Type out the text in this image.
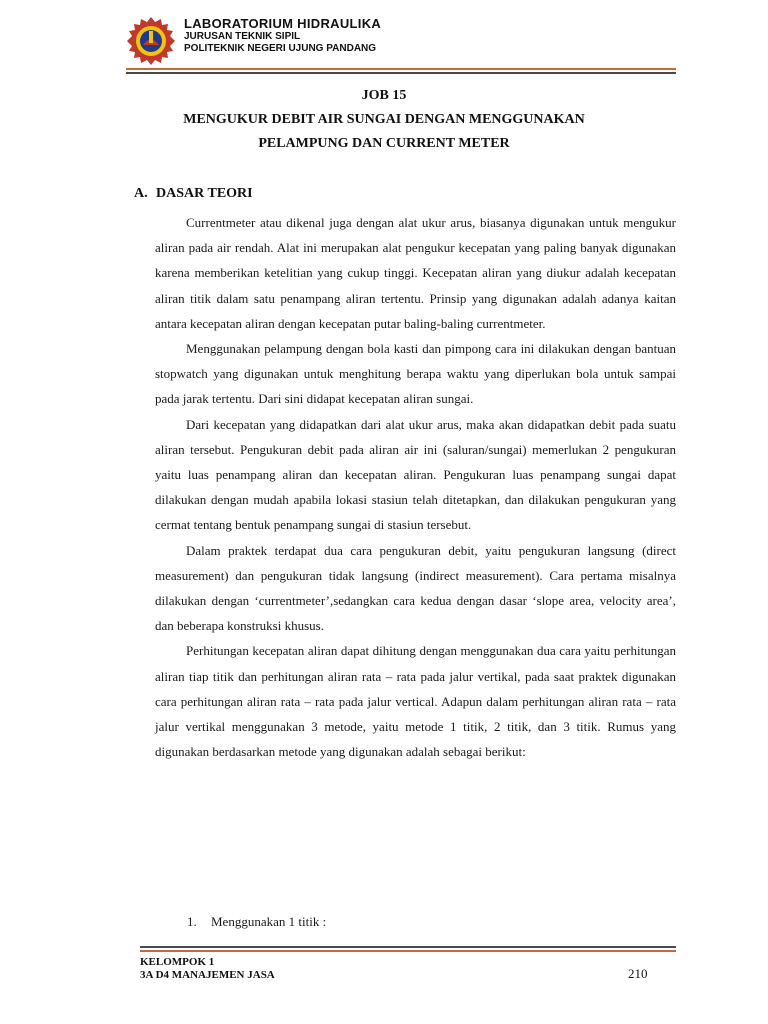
LABORATORIUM HIDRAULIKA
JURUSAN TEKNIK SIPIL
POLITEKNIK NEGERI UJUNG PANDANG
JOB 15
MENGUKUR DEBIT AIR SUNGAI DENGAN MENGGUNAKAN
PELAMPUNG DAN CURRENT METER
A. DASAR TEORI

Currentmeter atau dikenal juga dengan alat ukur arus, biasanya digunakan untuk mengukur aliran pada air rendah. Alat ini merupakan alat pengukur kecepatan yang paling banyak digunakan karena memberikan ketelitian yang cukup tinggi. Kecepatan aliran yang diukur adalah kecepatan aliran titik dalam satu penampang aliran tertentu. Prinsip yang digunakan adalah adanya kaitan antara kecepatan aliran dengan kecepatan putar baling-baling currentmeter.

Menggunakan pelampung dengan bola kasti dan pimpong cara ini dilakukan dengan bantuan stopwatch yang digunakan untuk menghitung berapa waktu yang diperlukan bola untuk sampai pada jarak tertentu. Dari sini didapat kecepatan aliran sungai.

Dari kecepatan yang didapatkan dari alat ukur arus, maka akan didapatkan debit pada suatu aliran tersebut. Pengukuran debit pada aliran air ini (saluran/sungai) memerlukan 2 pengukuran yaitu luas penampang aliran dan kecepatan aliran. Pengukuran luas penampang sungai dapat dilakukan dengan mudah apabila lokasi stasiun telah ditetapkan, dan dilakukan pengukuran yang cermat tentang bentuk penampang sungai di stasiun tersebut.

Dalam praktek terdapat dua cara pengukuran debit, yaitu pengukuran langsung (direct measurement) dan pengukuran tidak langsung (indirect measurement). Cara pertama misalnya dilakukan dengan ‘currentmeter’,sedangkan cara kedua dengan dasar ‘slope area, velocity area’, dan beberapa konstruksi khusus.

Perhitungan kecepatan aliran dapat dihitung dengan menggunakan dua cara yaitu perhitungan aliran tiap titik dan perhitungan aliran rata – rata pada jalur vertikal, pada saat praktek digunakan cara perhitungan aliran rata – rata pada jalur vertical. Adapun dalam perhitungan aliran rata – rata jalur vertikal menggunakan 3 metode, yaitu metode 1 titik, 2 titik, dan 3 titik. Rumus yang digunakan berdasarkan metode yang digunakan adalah sebagai berikut:

1. Menggunakan 1 titik :
KELOMPOK 1
3A D4 MANAJEMEN JASA	210
